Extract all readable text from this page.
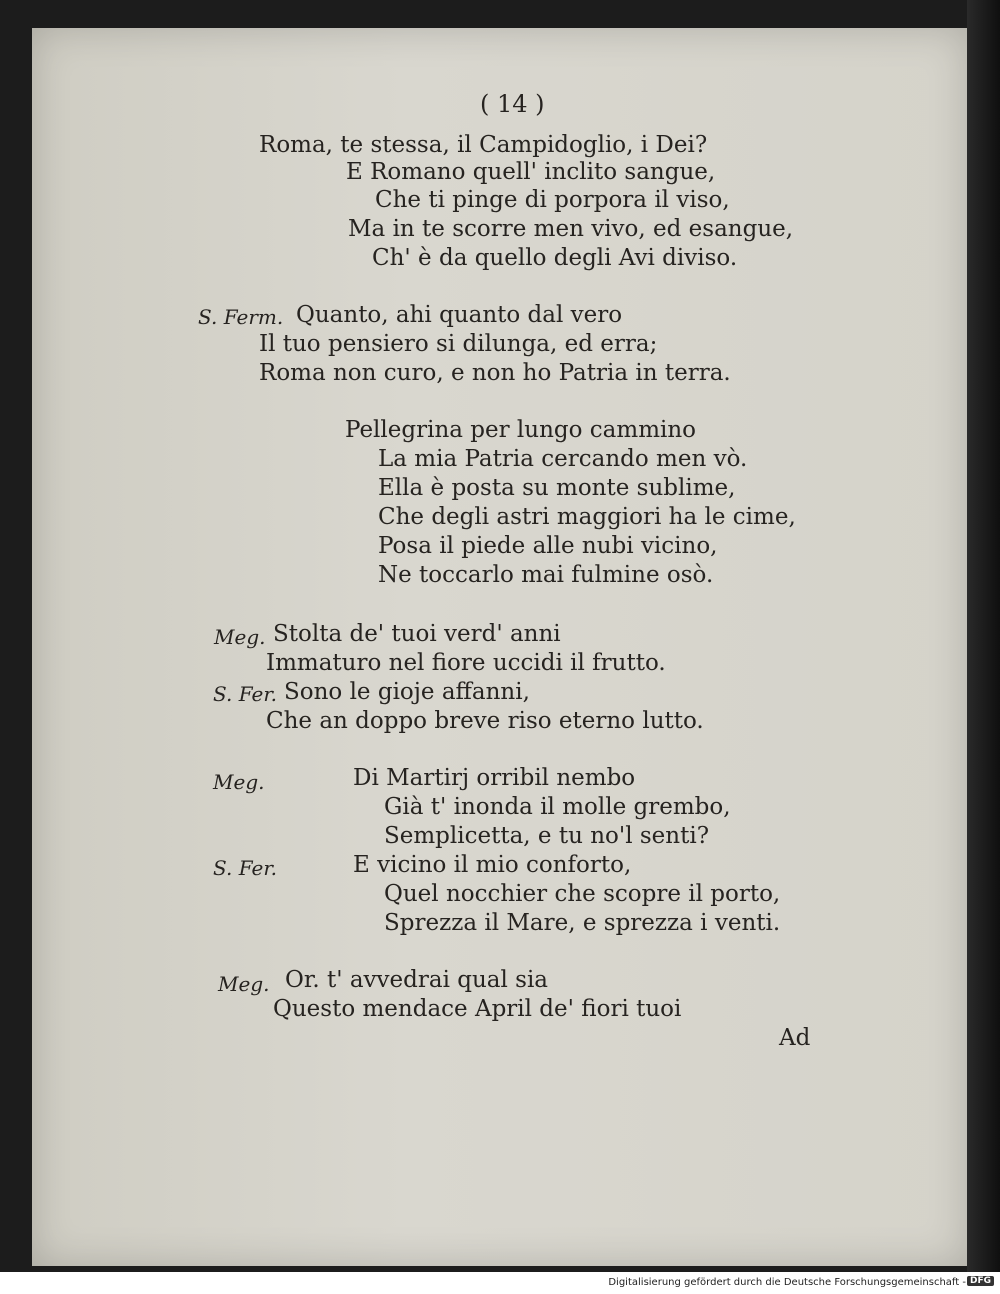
( 14 )
Roma, te stessa, il Campidoglio, i Dei?
E Romano quell' inclito sangue,
Che ti pinge di porpora il viso,
Ma in te scorre men vivo, ed esangue,
Ch' è da quello degli Avi diviso.
S. Ferm. Quanto, ahi quanto dal vero
Il tuo pensiero si dilunga, ed erra;
Roma non curo, e non ho Patria in terra.
Pellegrina per lungo cammino
La mia Patria cercando men vò.
Ella è posta su monte sublime,
Che degli astri maggiori ha le cime,
Posa il piede alle nubi vicino,
Ne toccarlo mai fulmine osò.
Meg. Stolta de' tuoi verd' anni
Immaturo nel fiore uccidi il frutto.
S. Fer. Sono le gioje affanni,
Che an doppo breve riso eterno lutto.
Meg.	Di Martirj orribil nembo
Già t' inonda il molle grembo,
Semplicetta, e tu no'l senti?
S. Fer.	E vicino il mio conforto,
Quel nocchier che scopre il porto,
Sprezza il Mare, e sprezza i venti.
Meg. Or. t' avvedrai qual sia
Questo mendace April de' fiori tuoi
Ad
Digitalisierung gefördert durch die Deutsche Forschungsgemeinschaft - DFG
